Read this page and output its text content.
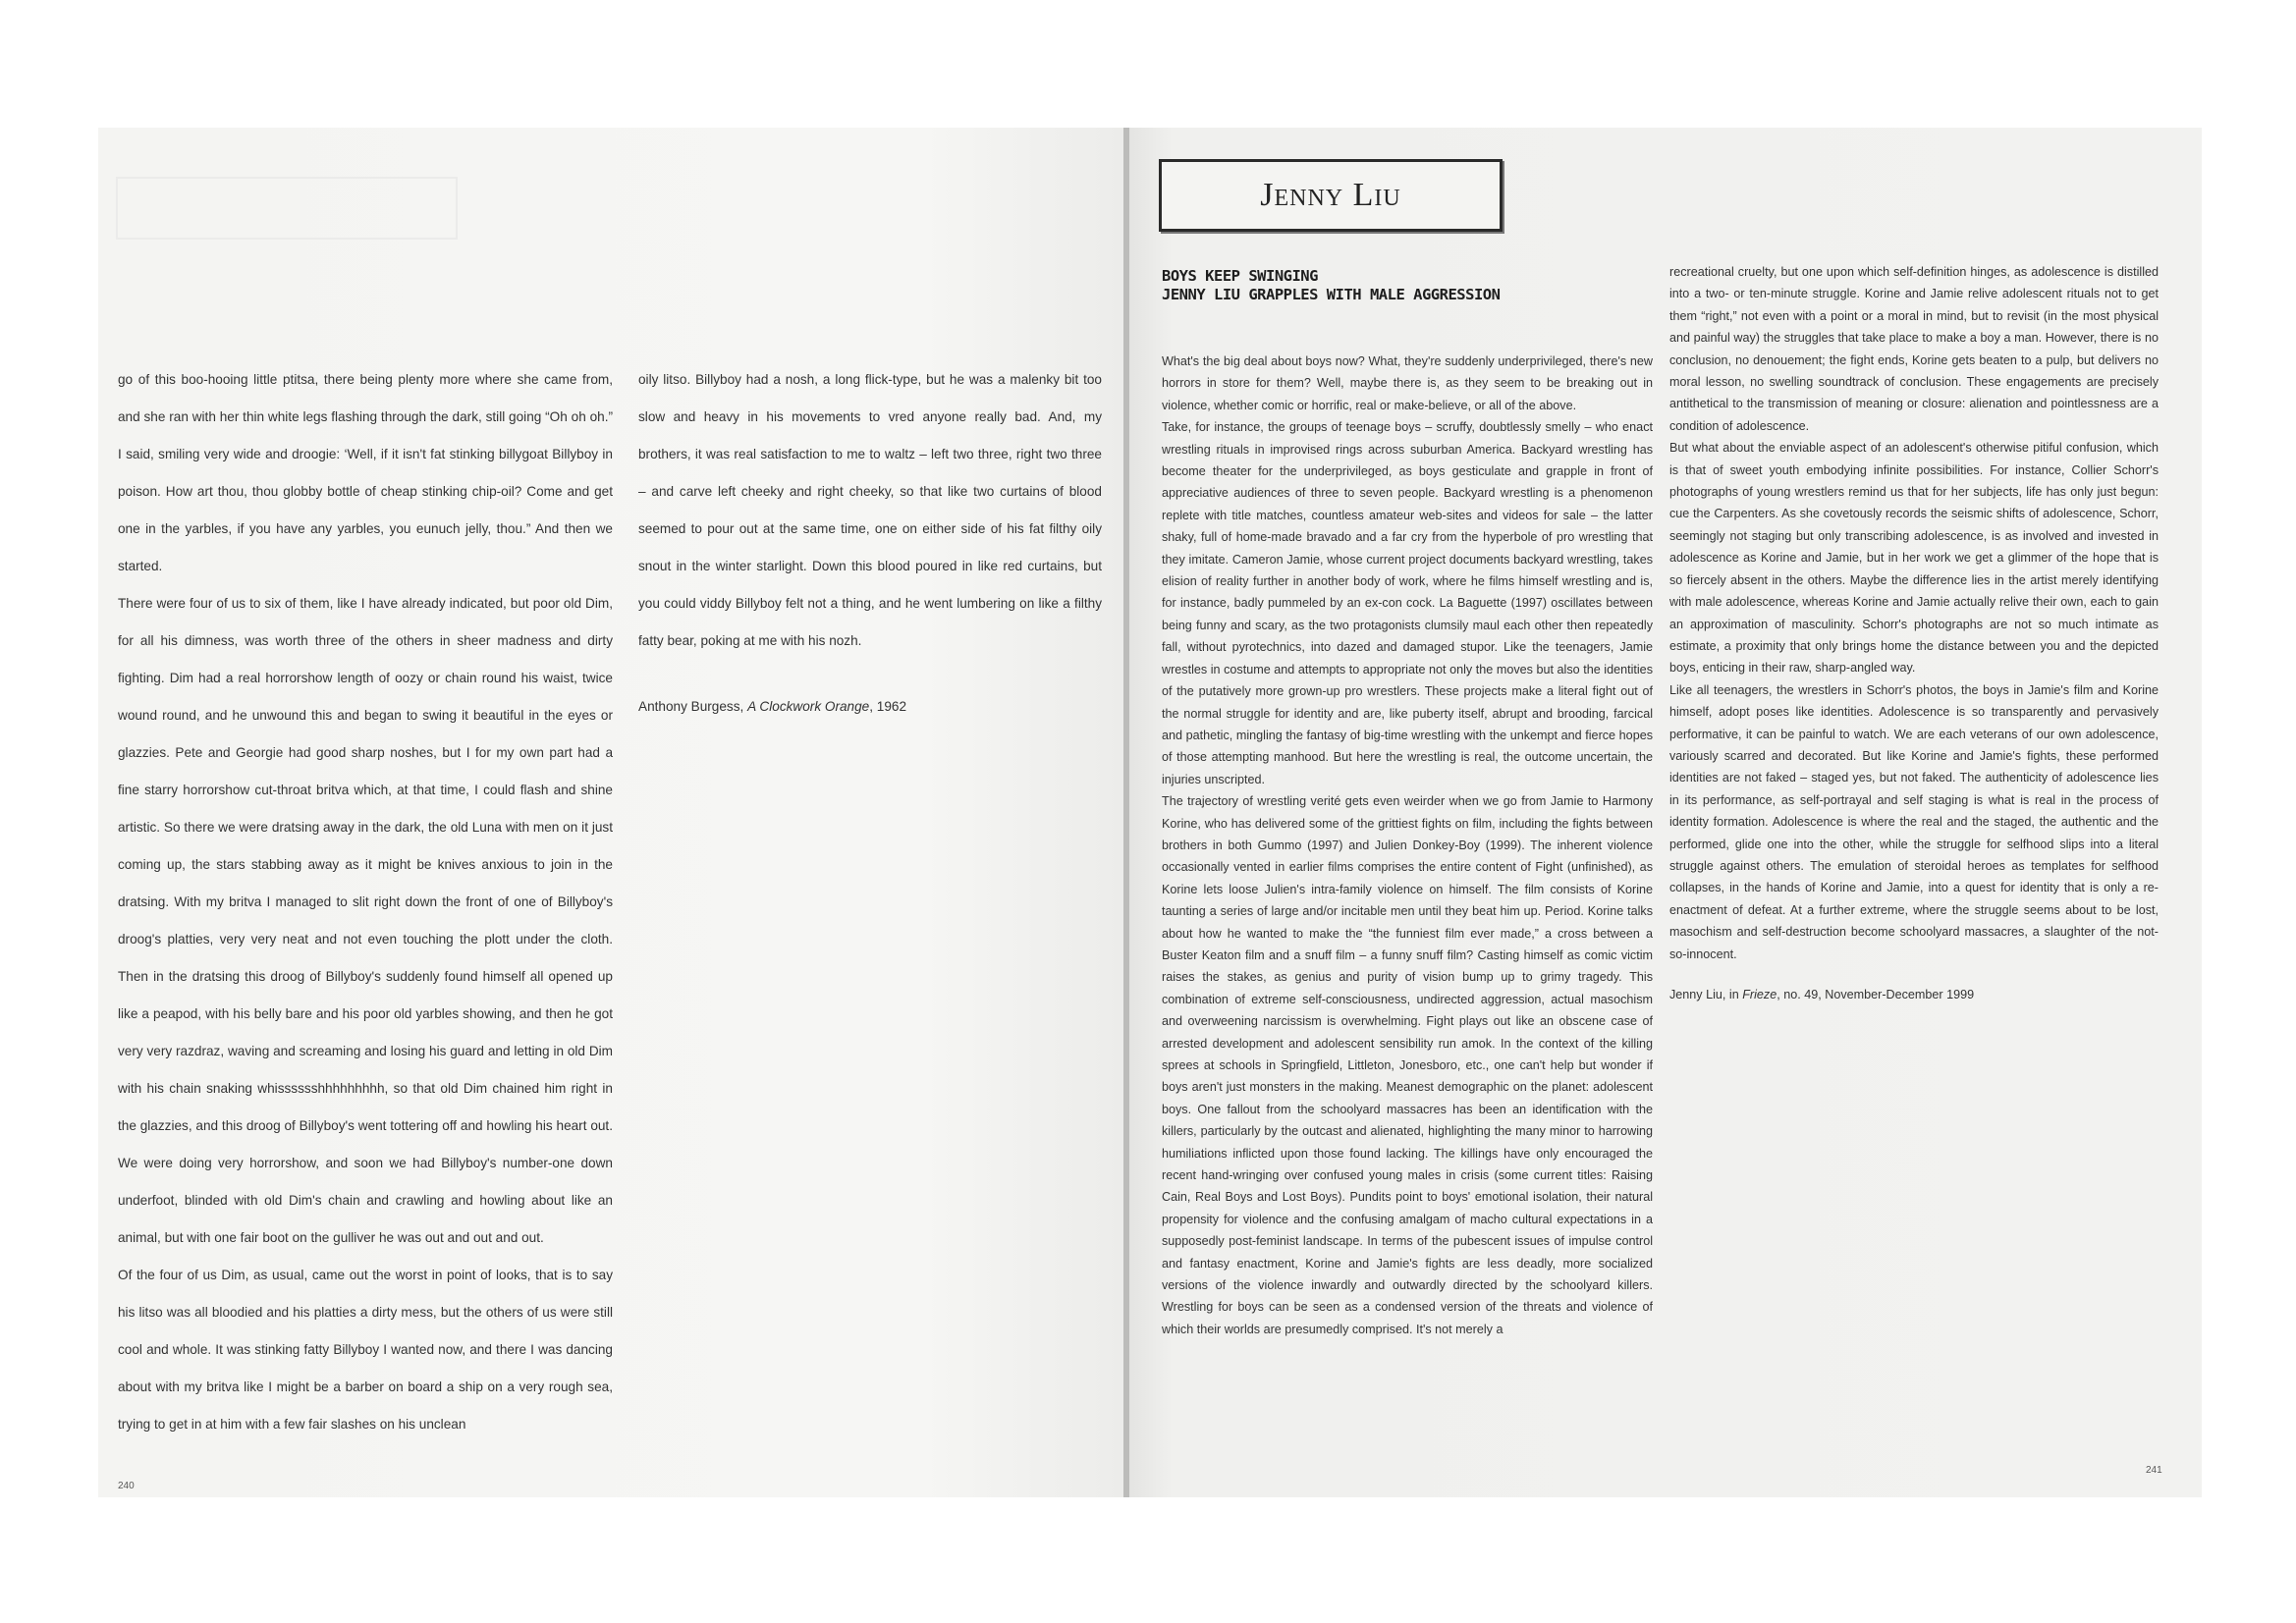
go of this boo-hooing little ptitsa, there being plenty more where she came from, and she ran with her thin white legs flashing through the dark, still going “Oh oh oh.” I said, smiling very wide and droogie: ‘Well, if it isn't fat stinking billygoat Billyboy in poison. How art thou, thou globby bottle of cheap stinking chip-oil? Come and get one in the yarbles, if you have any yarbles, you eunuch jelly, thou.” And then we started.

There were four of us to six of them, like I have already indicated, but poor old Dim, for all his dimness, was worth three of the others in sheer madness and dirty fighting. Dim had a real horrorshow length of oozy or chain round his waist, twice wound round, and he unwound this and began to swing it beautiful in the eyes or glazzies. Pete and Georgie had good sharp noshes, but I for my own part had a fine starry horrorshow cut-throat britva which, at that time, I could flash and shine artistic. So there we were dratsing away in the dark, the old Luna with men on it just coming up, the stars stabbing away as it might be knives anxious to join in the dratsing. With my britva I managed to slit right down the front of one of Billyboy's droog's platties, very very neat and not even touching the plott under the cloth. Then in the dratsing this droog of Billyboy's suddenly found himself all opened up like a peapod, with his belly bare and his poor old yarbles showing, and then he got very very razdraz, waving and screaming and losing his guard and letting in old Dim with his chain snaking whisssssshhhhhhhhh, so that old Dim chained him right in the glazzies, and this droog of Billyboy's went tottering off and howling his heart out. We were doing very horrorshow, and soon we had Billyboy's number-one down underfoot, blinded with old Dim's chain and crawling and howling about like an animal, but with one fair boot on the gulliver he was out and out and out.

Of the four of us Dim, as usual, came out the worst in point of looks, that is to say his litso was all bloodied and his platties a dirty mess, but the others of us were still cool and whole. It was stinking fatty Billyboy I wanted now, and there I was dancing about with my britva like I might be a barber on board a ship on a very rough sea, trying to get in at him with a few fair slashes on his unclean

oily litso. Billyboy had a nosh, a long flick-type, but he was a malenky bit too slow and heavy in his movements to vred anyone really bad. And, my brothers, it was real satisfaction to me to waltz – left two three, right two three – and carve left cheeky and right cheeky, so that like two curtains of blood seemed to pour out at the same time, one on either side of his fat filthy oily snout in the winter starlight. Down this blood poured in like red curtains, but you could viddy Billyboy felt not a thing, and he went lumbering on like a filthy fatty bear, poking at me with his nozh.

Anthony Burgess, A Clockwork Orange, 1962
240
Jenny Liu
BOYS KEEP SWINGING
JENNY LIU GRAPPLES WITH MALE AGGRESSION

What's the big deal about boys now? What, they're suddenly underprivileged, there's new horrors in store for them? Well, maybe there is, as they seem to be breaking out in violence, whether comic or horrific, real or make-believe, or all of the above.

Take, for instance, the groups of teenage boys – scruffy, doubtlessly smelly – who enact wrestling rituals in improvised rings across suburban America. Backyard wrestling has become theater for the underprivileged, as boys gesticulate and grapple in front of appreciative audiences of three to seven people. Backyard wrestling is a phenomenon replete with title matches, countless amateur web-sites and videos for sale – the latter shaky, full of home-made bravado and a far cry from the hyperbole of pro wrestling that they imitate. Cameron Jamie, whose current project documents backyard wrestling, takes elision of reality further in another body of work, where he films himself wrestling and is, for instance, badly pummeled by an ex-con cock. La Baguette (1997) oscillates between being funny and scary, as the two protagonists clumsily maul each other then repeatedly fall, without pyrotechnics, into dazed and damaged stupor. Like the teenagers, Jamie wrestles in costume and attempts to appropriate not only the moves but also the identities of the putatively more grown-up pro wrestlers. These projects make a literal fight out of the normal struggle for identity and are, like puberty itself, abrupt and brooding, farcical and pathetic, mingling the fantasy of big-time wrestling with the unkempt and fierce hopes of those attempting manhood. But here the wrestling is real, the outcome uncertain, the injuries unscripted.

The trajectory of wrestling verité gets even weirder when we go from Jamie to Harmony Korine, who has delivered some of the grittiest fights on film, including the fights between brothers in both Gummo (1997) and Julien Donkey-Boy (1999). The inherent violence occasionally vented in earlier films comprises the entire content of Fight (unfinished), as Korine lets loose Julien's intra-family violence on himself. The film consists of Korine taunting a series of large and/or incitable men until they beat him up. Period. Korine talks about how he wanted to make the “the funniest film ever made,” a cross between a Buster Keaton film and a snuff film – a funny snuff film? Casting himself as comic victim raises the stakes, as genius and purity of vision bump up to grimy tragedy. This combination of extreme self-consciousness, undirected aggression, actual masochism and overweening narcissism is overwhelming. Fight plays out like an obscene case of arrested development and adolescent sensibility run amok. In the context of the killing sprees at schools in Springfield, Littleton, Jonesboro, etc., one can't help but wonder if boys aren't just monsters in the making. Meanest demographic on the planet: adolescent boys. One fallout from the schoolyard massacres has been an identification with the killers, particularly by the outcast and alienated, highlighting the many minor to harrowing humiliations inflicted upon those found lacking. The killings have only encouraged the recent hand-wringing over confused young males in crisis (some current titles: Raising Cain, Real Boys and Lost Boys). Pundits point to boys' emotional isolation, their natural propensity for violence and the confusing amalgam of macho cultural expectations in a supposedly post-feminist landscape. In terms of the pubescent issues of impulse control and fantasy enactment, Korine and Jamie's fights are less deadly, more socialized versions of the violence inwardly and outwardly directed by the schoolyard killers. Wrestling for boys can be seen as a condensed version of the threats and violence of which their worlds are presumedly comprised. It's not merely a

recreational cruelty, but one upon which self-definition hinges, as adolescence is distilled into a two- or ten-minute struggle. Korine and Jamie relive adolescent rituals not to get them “right,” not even with a point or a moral in mind, but to revisit (in the most physical and painful way) the struggles that take place to make a boy a man. However, there is no conclusion, no denouement; the fight ends, Korine gets beaten to a pulp, but delivers no moral lesson, no swelling soundtrack of conclusion. These engagements are precisely antithetical to the transmission of meaning or closure: alienation and pointlessness are a condition of adolescence.

But what about the enviable aspect of an adolescent's otherwise pitiful confusion, which is that of sweet youth embodying infinite possibilities. For instance, Collier Schorr's photographs of young wrestlers remind us that for her subjects, life has only just begun: cue the Carpenters. As she covetously records the seismic shifts of adolescence, Schorr, seemingly not staging but only transcribing adolescence, is as involved and invested in adolescence as Korine and Jamie, but in her work we get a glimmer of the hope that is so fiercely absent in the others. Maybe the difference lies in the artist merely identifying with male adolescence, whereas Korine and Jamie actually relive their own, each to gain an approximation of masculinity. Schorr's photographs are not so much intimate as estimate, a proximity that only brings home the distance between you and the depicted boys, enticing in their raw, sharp-angled way.

Like all teenagers, the wrestlers in Schorr's photos, the boys in Jamie's film and Korine himself, adopt poses like identities. Adolescence is so transparently and pervasively performative, it can be painful to watch. We are each veterans of our own adolescence, variously scarred and decorated. But like Korine and Jamie's fights, these performed identities are not faked – staged yes, but not faked. The authenticity of adolescence lies in its performance, as self-portrayal and self staging is what is real in the process of identity formation. Adolescence is where the real and the staged, the authentic and the performed, glide one into the other, while the struggle for selfhood slips into a literal struggle against others. The emulation of steroidal heroes as templates for selfhood collapses, in the hands of Korine and Jamie, into a quest for identity that is only a re-enactment of defeat. At a further extreme, where the struggle seems about to be lost, masochism and self-destruction become schoolyard massacres, a slaughter of the not-so-innocent.

Jenny Liu, in Frieze, no. 49, November-December 1999
241
